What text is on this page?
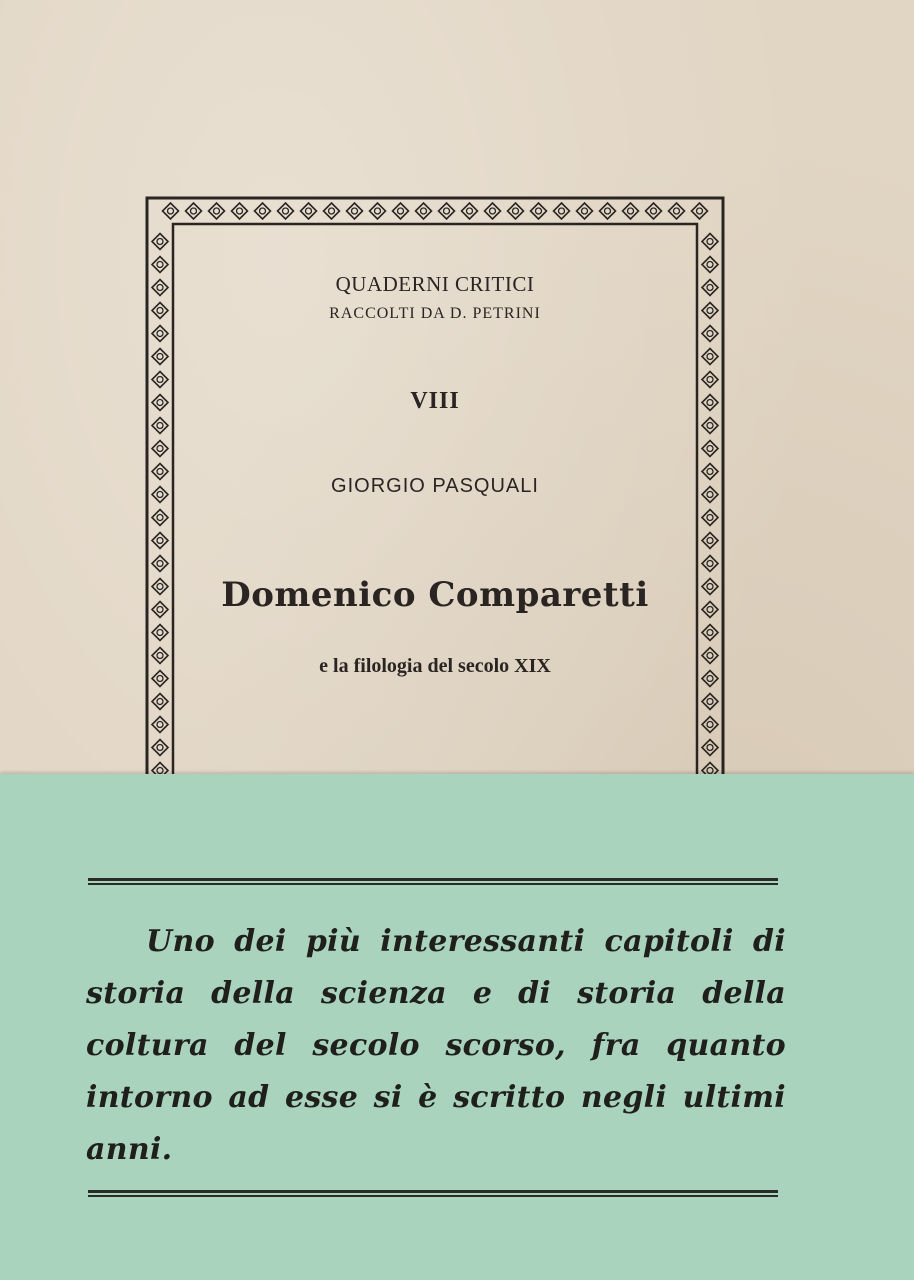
QUADERNI CRITICI
RACCOLTI DA D. PETRINI
VIII
GIORGIO PASQUALI
Domenico Comparetti
e la filologia del secolo XIX
Uno dei più interessanti capitoli di storia della scienza e di storia della coltura del secolo scorso, fra quanto intorno ad esse si è scritto negli ultimi anni.
